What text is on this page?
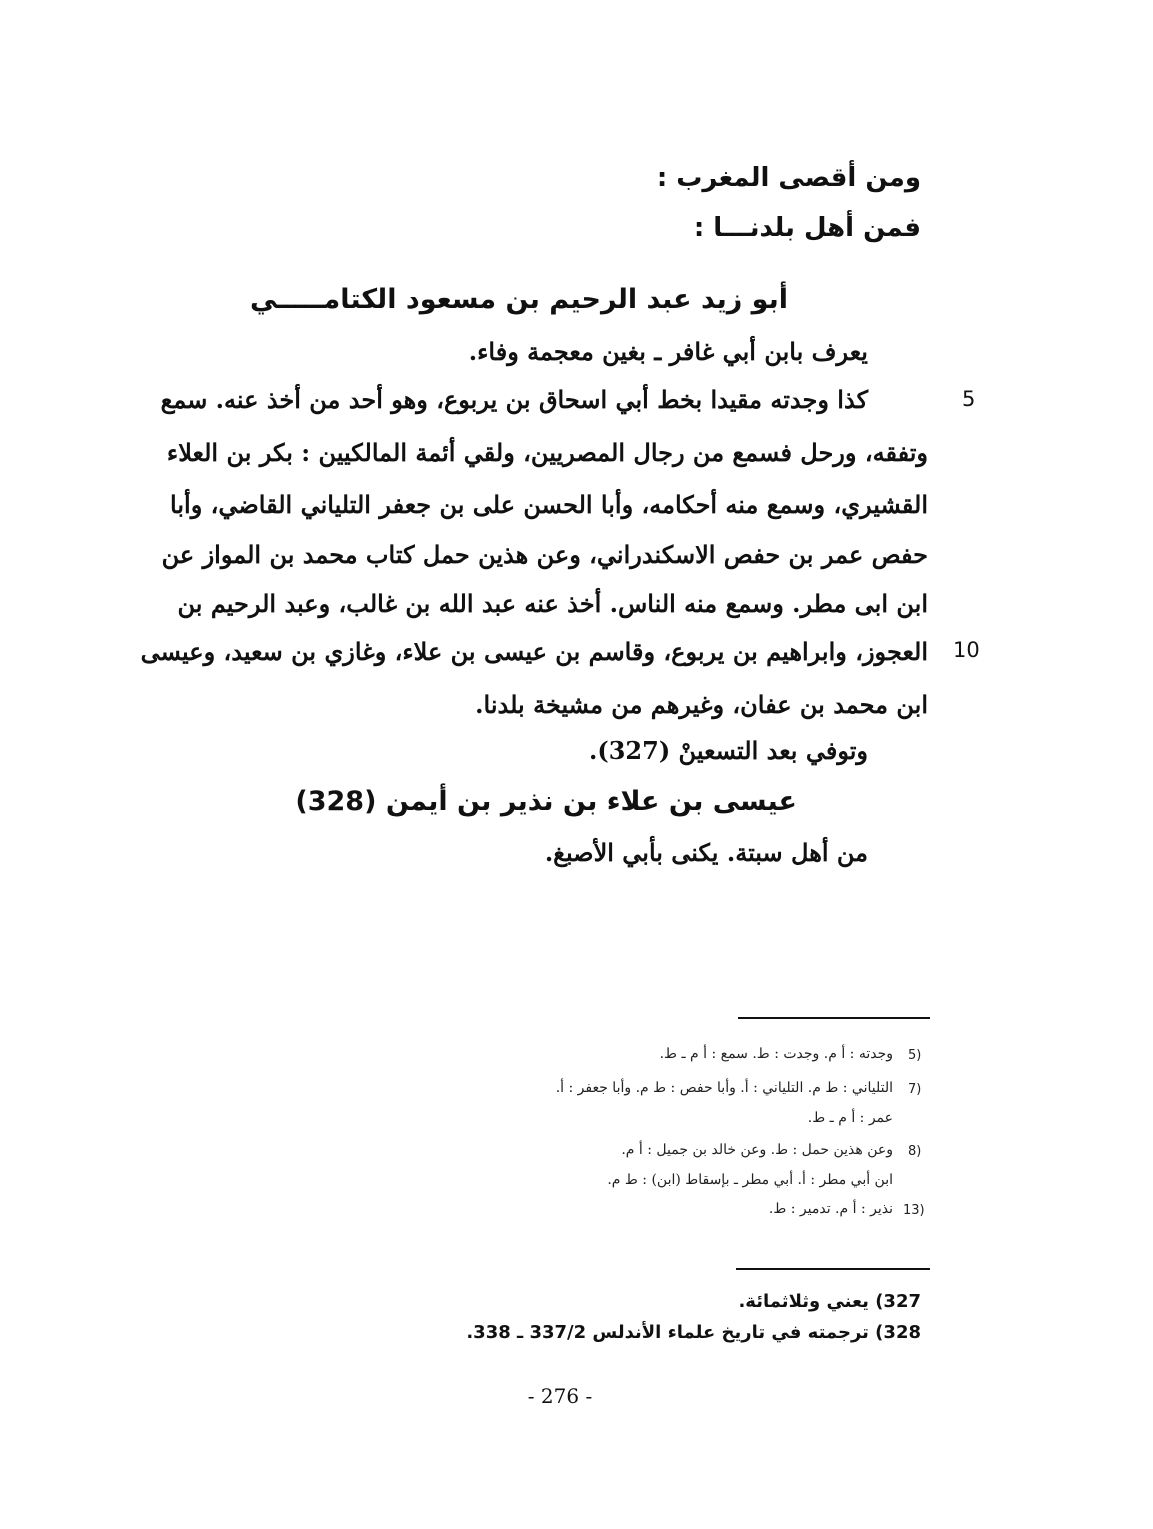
ومن أقصى المغرب :
فمن أهل بلدنـــا :
أبو زيد عبد الرحيم بن مسعود الكتامـــــي
يعرف بابن أبي غافر ـ بغين معجمة وفاء.
كذا وجدته مقيدا بخط أبي اسحاق بن يربوع، وهو أحد من أخذ عنه. سمع
وتفقه، ورحل فسمع من رجال المصريين، ولقي أئمة المالكيين : بكر بن العلاء
القشيري، وسمع منه أحكامه، وأبا الحسن على بن جعفر التلياني القاضي، وأبا
حفص عمر بن حفص الاسكندراني، وعن هذين حمل كتاب محمد بن المواز عن
ابن ابى مطر. وسمع منه الناس. أخذ عنه عبد الله بن غالب، وعبد الرحيم بن
العجوز، وابراهيم بن يربوع، وقاسم بن عيسى بن علاء، وغازي بن سعيد، وعيسى
ابن محمد بن عفان، وغيرهم من مشيخة بلدنا.
وتوفي بعد التسعينْ (327).
عيسى بن علاء بن نذير بن أيمن (328)
من أهل سبتة. يكنى بأبي الأصبغ.
5
10
5)
وجدته : أ م. وجدت : ط. سمع : أ م ـ ط.
7)
التلياني : ط م. التلياني : أ. وأبا حفص : ط م. وأبا جعفر : أ.
عمر : أ م ـ ط.
8)
وعن هذين حمل : ط. وعن خالد بن جميل : أ م.
ابن أبي مطر : أ. أبي مطر ـ بإسقاط (ابن) : ط م.
13)
نذير : أ م. تدمير : ط.
327) يعني وثلاثمائة.
328) ترجمته في تاريخ علماء الأندلس 337/2 ـ 338.
- 276 -
